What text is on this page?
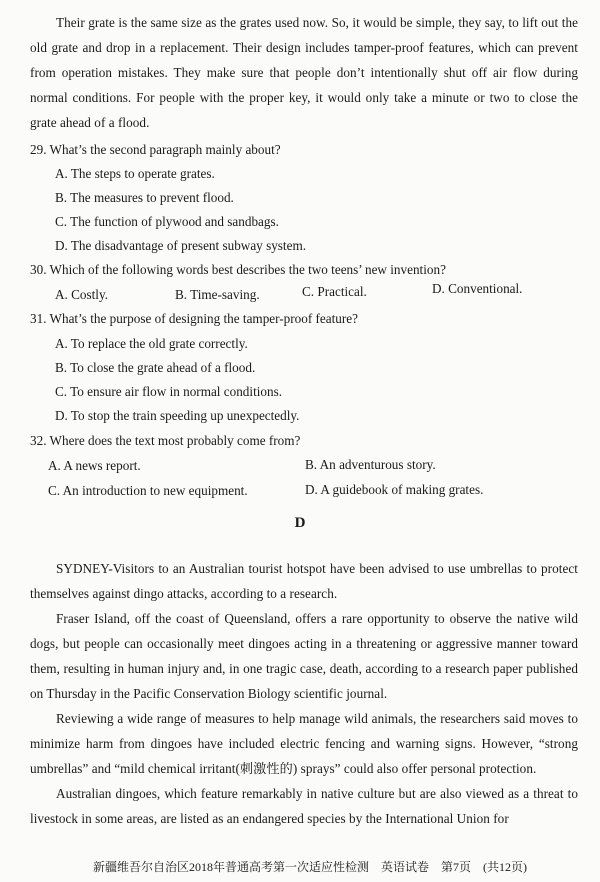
Their grate is the same size as the grates used now. So, it would be simple, they say, to lift out the old grate and drop in a replacement. Their design includes tamper-proof features, which can prevent from operation mistakes. They make sure that people don’t intentionally shut off air flow during normal conditions. For people with the proper key, it would only take a minute or two to close the grate ahead of a flood.
29. What’s the second paragraph mainly about?
A. The steps to operate grates.
B. The measures to prevent flood.
C. The function of plywood and sandbags.
D. The disadvantage of present subway system.
30. Which of the following words best describes the two teens’ new invention?
A. Costly.	B. Time-saving.	C. Practical.	D. Conventional.
31. What’s the purpose of designing the tamper-proof feature?
A. To replace the old grate correctly.
B. To close the grate ahead of a flood.
C. To ensure air flow in normal conditions.
D. To stop the train speeding up unexpectedly.
32. Where does the text most probably come from?
A. A news report.	B. An adventurous story.
C. An introduction to new equipment.	D. A guidebook of making grates.
D
SYDNEY-Visitors to an Australian tourist hotspot have been advised to use umbrellas to protect themselves against dingo attacks, according to a research.
Fraser Island, off the coast of Queensland, offers a rare opportunity to observe the native wild dogs, but people can occasionally meet dingoes acting in a threatening or aggressive manner toward them, resulting in human injury and, in one tragic case, death, according to a research paper published on Thursday in the Pacific Conservation Biology scientific journal.
Reviewing a wide range of measures to help manage wild animals, the researchers said moves to minimize harm from dingoes have included electric fencing and warning signs. However, “strong umbrellas” and “mild chemical irritant(刺激性的) sprays” could also offer personal protection.
Australian dingoes, which feature remarkably in native culture but are also viewed as a threat to livestock in some areas, are listed as an endangered species by the International Union for
新疆维吾尔自治区2018年普通高考第一次适应性检测　英语试卷　第7页　(共12页)
